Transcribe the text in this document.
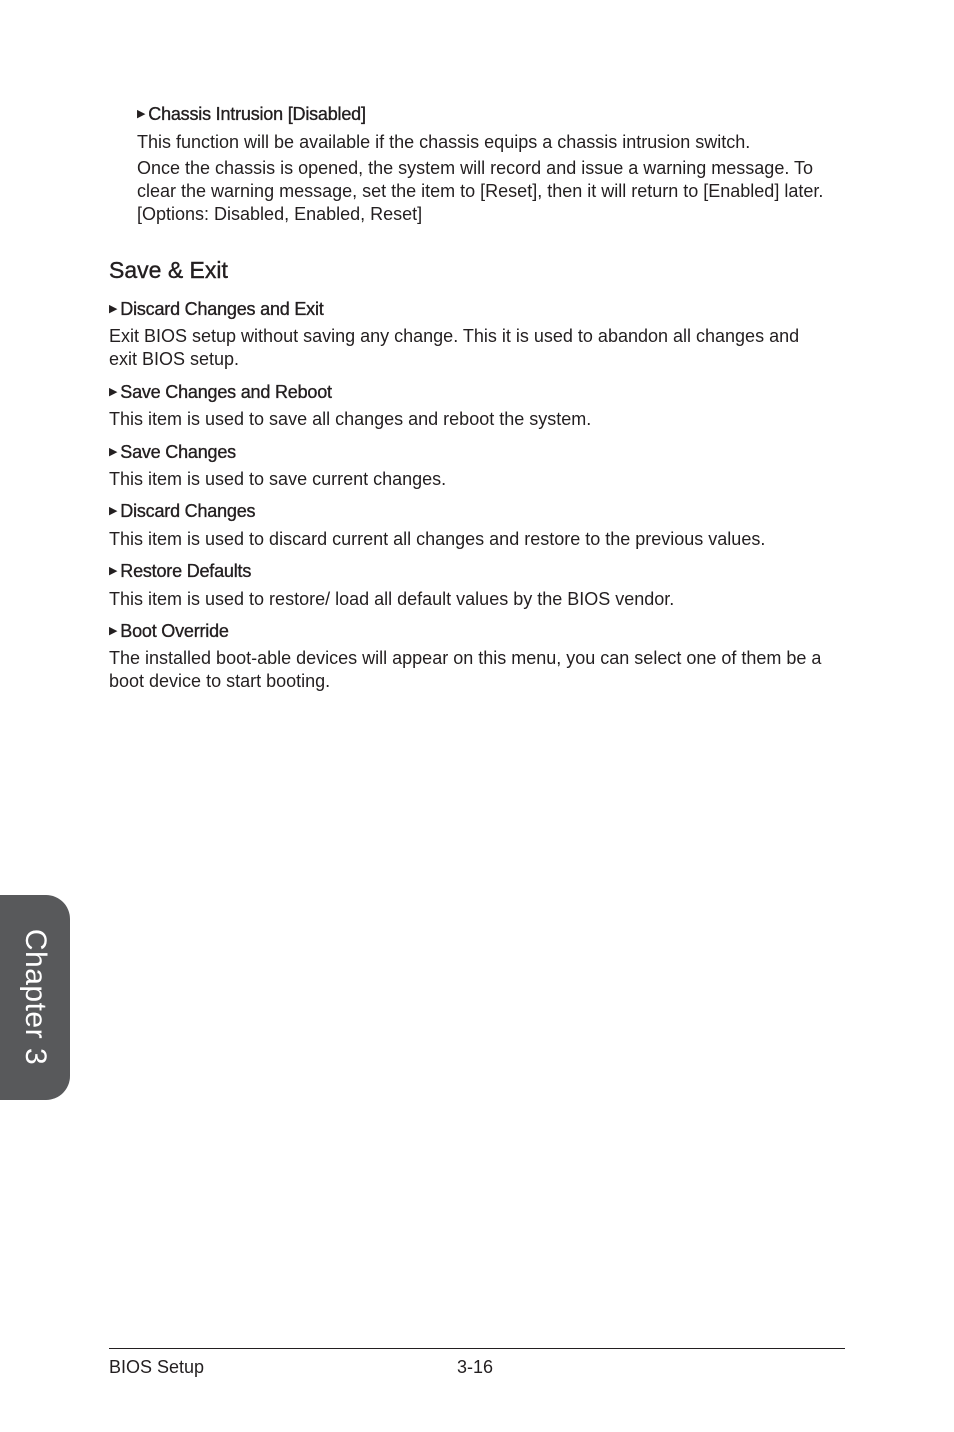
▶ Chassis Intrusion [Disabled]

This function will be available if the chassis equips a chassis intrusion switch.

Once the chassis is opened, the system will record and issue a warning message. To clear the warning message, set the item to [Reset], then it will return to [Enabled] later. [Options: Disabled, Enabled, Reset]

Save & Exit
▶ Discard Changes and Exit

Exit BIOS setup without saving any change. This it is used to abandon all changes and exit BIOS setup.

▶ Save Changes and Reboot

This item is used to save all changes and reboot the system.

▶ Save Changes

This item is used to save current changes.

▶ Discard Changes

This item is used to discard current all changes and restore to the previous values.

▶ Restore Defaults

This item is used to restore/ load all default values by the BIOS vendor.

▶ Boot Override

The installed boot-able devices will appear on this menu, you can select one of them be a boot device to start booting.

Chapter 3
BIOS Setup	3-16
